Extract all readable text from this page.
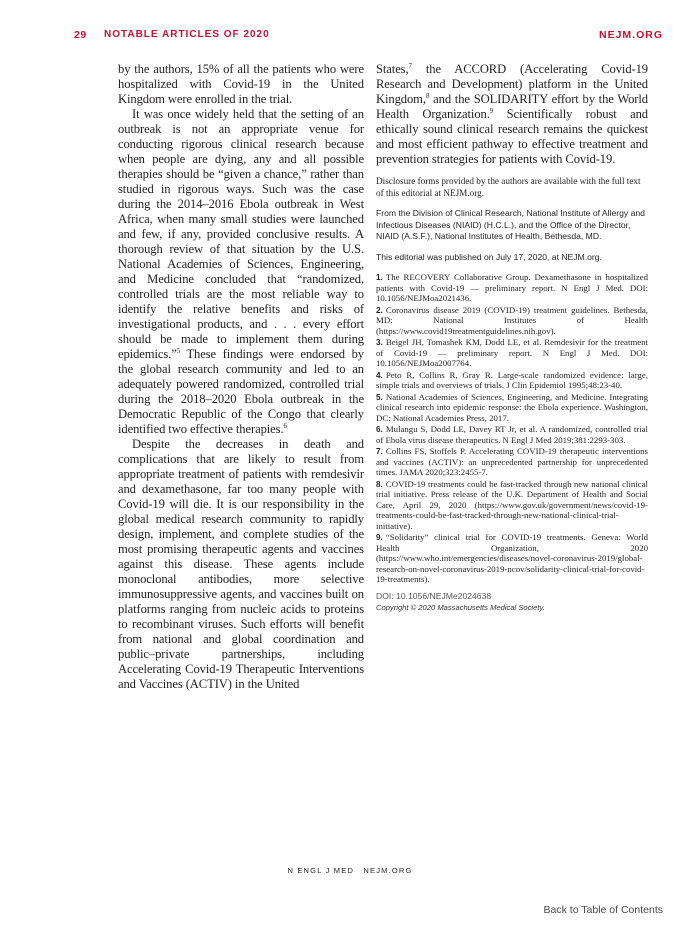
29 NOTABLE ARTICLES OF 2020	NEJM.ORG

by the authors, 15% of all the patients who were hospitalized with Covid-19 in the United Kingdom were enrolled in the trial.

It was once widely held that the setting of an outbreak is not an appropriate venue for conducting rigorous clinical research because when people are dying, any and all possible therapies should be “given a chance,” rather than studied in rigorous ways. Such was the case during the 2014–2016 Ebola outbreak in West Africa, when many small studies were launched and few, if any, provided conclusive results. A thorough review of that situation by the U.S. National Academies of Sciences, Engineering, and Medicine concluded that “randomized, controlled trials are the most reliable way to identify the relative benefits and risks of investigational products, and . . . every effort should be made to implement them during epidemics.”$^5$ These findings were endorsed by the global research community and led to an adequately powered randomized, controlled trial during the 2018–2020 Ebola outbreak in the Democratic Republic of the Congo that clearly identified two effective therapies.$^6$

Despite the decreases in death and complications that are likely to result from appropriate treatment of patients with remdesivir and dexamethasone, far too many people with Covid-19 will die. It is our responsibility in the global medical research community to rapidly design, implement, and complete studies of the most promising therapeutic agents and vaccines against this disease. These agents include monoclonal antibodies, more selective immunosuppressive agents, and vaccines built on platforms ranging from nucleic acids to proteins to recombinant viruses. Such efforts will benefit from national and global coordination and public–private partnerships, including Accelerating Covid-19 Therapeutic Interventions and Vaccines (ACTIV) in the United

States,$^7$ the ACCORD (Accelerating Covid-19 Research and Development) platform in the United Kingdom,$^8$ and the SOLIDARITY effort by the World Health Organization.$^9$ Scientifically robust and ethically sound clinical research remains the quickest and most efficient pathway to effective treatment and prevention strategies for patients with Covid-19.

Disclosure forms provided by the authors are available with the full text of this editorial at NEJM.org.

From the Division of Clinical Research, National Institute of Allergy and Infectious Diseases (NIAID) (H.C.L.), and the Office of the Director, NIAID (A.S.F.), National Institutes of Health, Bethesda, MD.

This editorial was published on July 17, 2020, at NEJM.org.

1. The RECOVERY Collaborative Group. Dexamethasone in hospitalized patients with Covid-19 — preliminary report. N Engl J Med. DOI: 10.1056/NEJMoa2021436.
2. Coronavirus disease 2019 (COVID-19) treatment guidelines. Bethesda, MD: National Institutes of Health (https://www.covid19treatmentguidelines.nih.gov).
3. Beigel JH, Tomashek KM, Dodd LE, et al. Remdesivir for the treatment of Covid-19 — preliminary report. N Engl J Med. DOI: 10.1056/NEJMoa2007764.
4. Peto R, Collins R, Gray R. Large-scale randomized evidence: large, simple trials and overviews of trials. J Clin Epidemiol 1995;48:23-40.
5. National Academies of Sciences, Engineering, and Medicine. Integrating clinical research into epidemic response: the Ebola experience. Washington, DC: National Academies Press, 2017.
6. Mulangu S, Dodd LE, Davey RT Jr, et al. A randomized, controlled trial of Ebola virus disease therapeutics. N Engl J Med 2019;381:2293-303.
7. Collins FS, Stoffels P. Accelerating COVID-19 therapeutic interventions and vaccines (ACTIV): an unprecedented partnership for unprecedented times. JAMA 2020;323:2455-7.
8. COVID-19 treatments could be fast-tracked through new national clinical trial initiative. Press release of the U.K. Department of Health and Social Care, April 29, 2020 (https://www.gov.uk/government/news/covid-19-treatments-could-be-fast-tracked-through-new-national-clinical-trial-initiative).
9. “Solidarity” clinical trial for COVID-19 treatments. Geneva: World Health Organization, 2020 (https://www.who.int/emergencies/diseases/novel-coronavirus-2019/global-research-on-novel-coronavirus-2019-ncov/solidarity-clinical-trial-for-covid-19-treatments).

DOI: 10.1056/NEJMe2024638

Copyright © 2020 Massachusetts Medical Society.

N ENGL J MED NEJM.ORG
Back to Table of Contents
